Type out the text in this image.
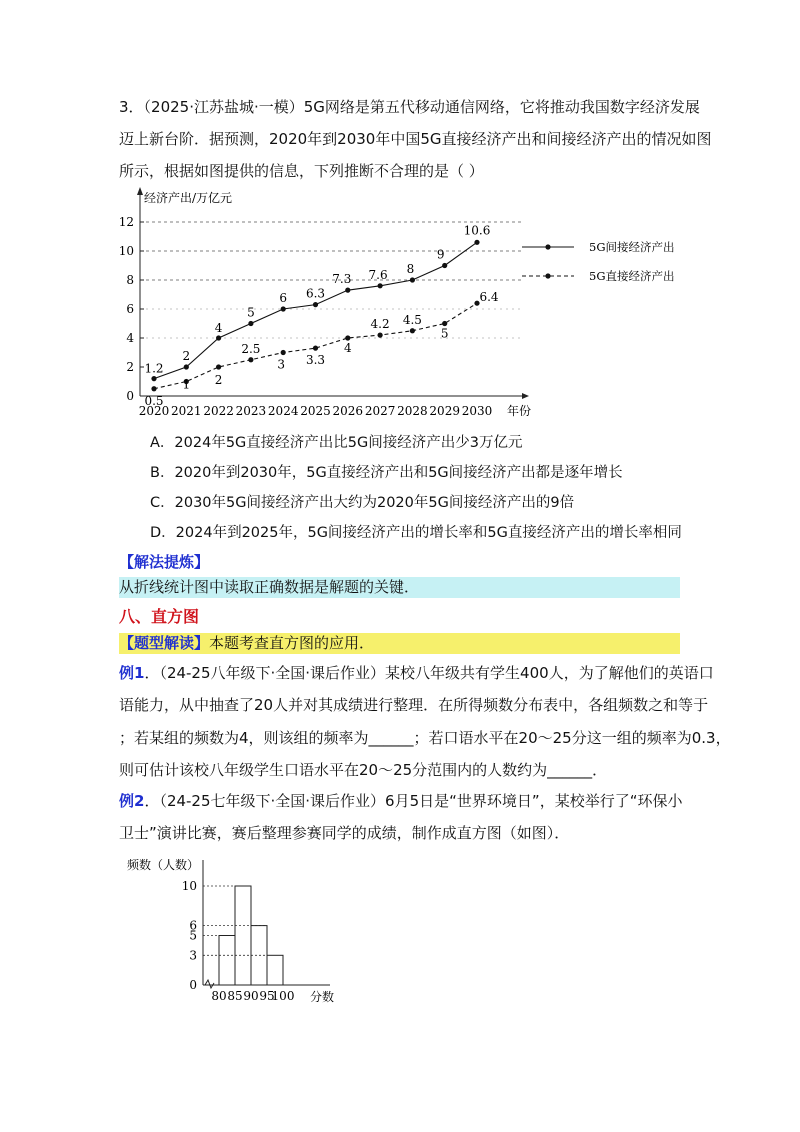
3．（2025·江苏盐城·一模）5G网络是第五代移动通信网络，它将推动我国数字经济发展
迈上新台阶．据预测，2020年到2030年中国5G直接经济产出和间接经济产出的情况如图
所示，根据如图提供的信息，下列推断不合理的是（ ）
经济产出/万亿元
0
2
4
6
8
10
12
2020 2021 2022 2023 2024 2025 2026 2027 2028 2029 2030 年份
1.2
2
4
5
6 6.3
7.3 7.6 8
9
10.6
0.5
1 2
2.5
3 3.3
4
4.2 4.5
5
6.4
5G间接经济产出
5G直接经济产出
A．2024年5G直接经济产出比5G间接经济产出少3万亿元
B．2020年到2030年，5G直接经济产出和5G间接经济产出都是逐年增长
C．2030年5G间接经济产出大约为2020年5G间接经济产出的9倍
D．2024年到2025年，5G间接经济产出的增长率和5G直接经济产出的增长率相同
【解法提炼】
从折线统计图中读取正确数据是解题的关键．
八、直方图
【题型解读】本题考查直方图的应用．
例1．（24-25八年级下·全国·课后作业）某校八年级共有学生400人，为了解他们的英语口
语能力，从中抽查了20人并对其成绩进行整理．在所得频数分布表中，各组频数之和等于
；若某组的频数为4，则该组的频率为______；若口语水平在20～25分这一组的频率为0.3，
则可估计该校八年级学生口语水平在20～25分范围内的人数约为______．
例2．（24-25七年级下·全国·课后作业）6月5日是“世界环境日”，某校举行了“环保小
卫士”演讲比赛，赛后整理参赛同学的成绩，制作成直方图（如图）．
频数（人数）
分数
0
3
5
6
10
80 85 90 95
100
